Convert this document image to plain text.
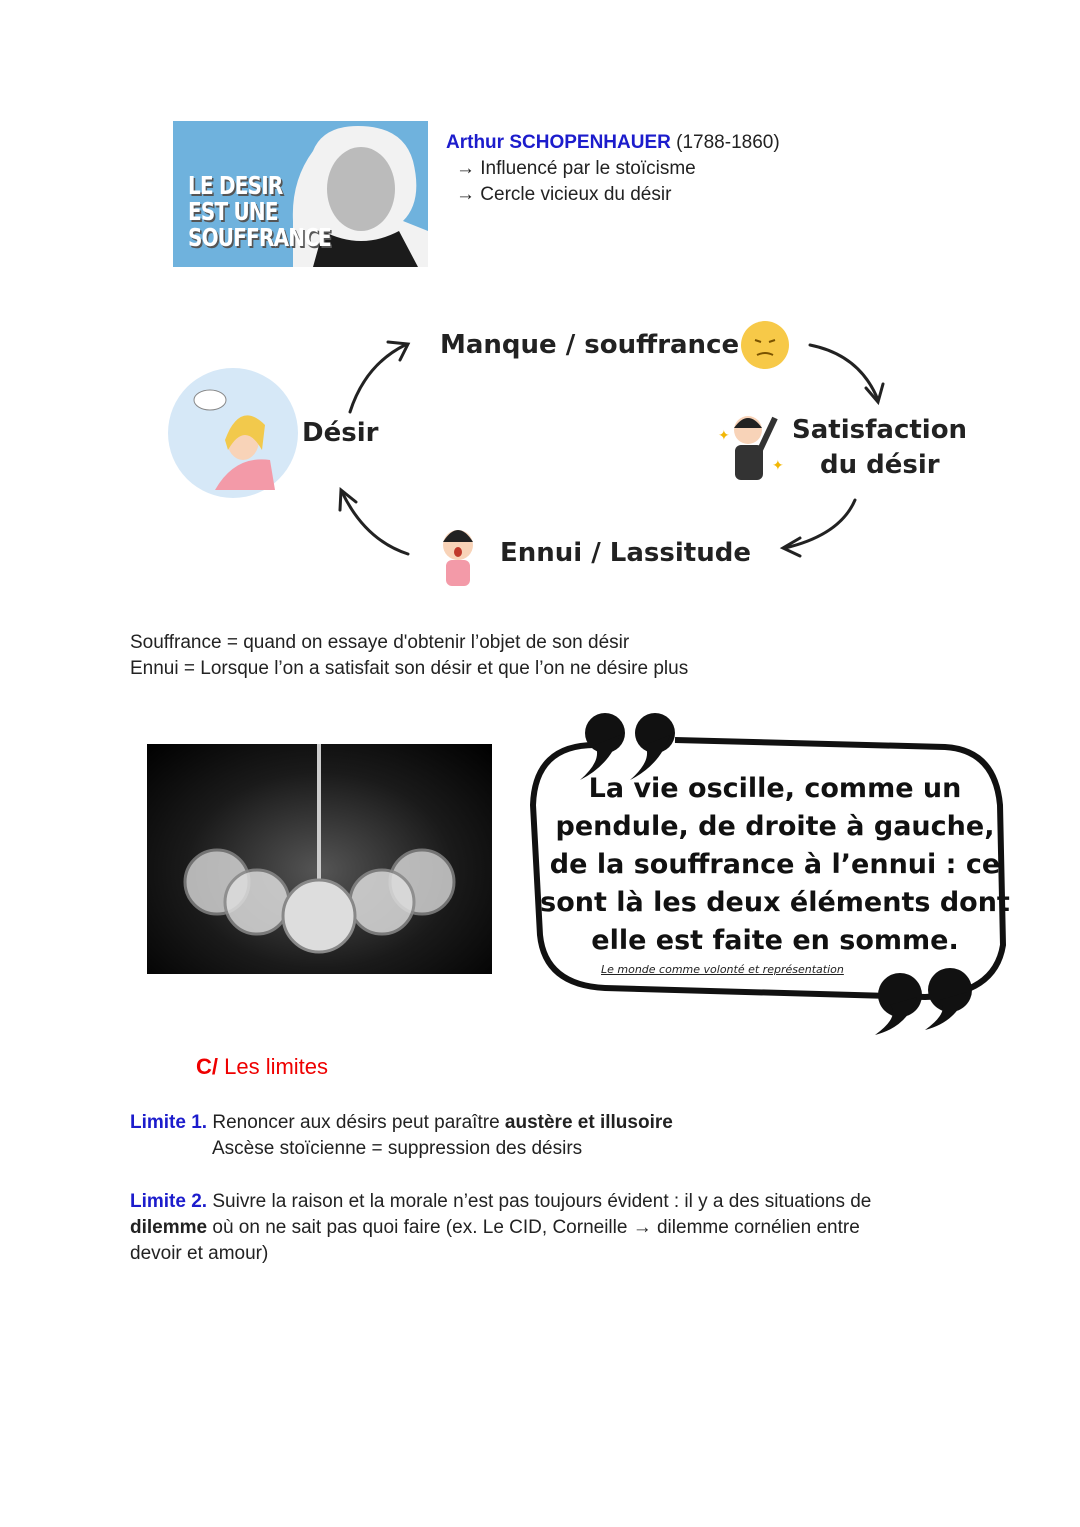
LE DESIR
EST UNE
SOUFFRANCE
Arthur SCHOPENHAUER (1788-1860)
→ Influencé par le stoïcisme
→ Cercle vicieux du désir
✦
✦
Manque / souffrance
Désir	Satisfaction
du désir
Ennui / Lassitude
Souffrance = quand on essaye d'obtenir l’objet de son désir
Ennui = Lorsque l’on a satisfait son désir et que l’on ne désire plus
La vie oscille, comme un
pendule, de droite à gauche,
de la souffrance à l’ennui : ce
sont là les deux éléments dont
elle est faite en somme.
Le monde comme volonté et représentation
C/ Les limites
Limite 1. Renoncer aux désirs peut paraître austère et illusoire
Ascèse stoïcienne = suppression des désirs
Limite 2. Suivre la raison et la morale n’est pas toujours évident : il y a des situations de
dilemme où on ne sait pas quoi faire (ex. Le CID, Corneille → dilemme cornélien entre
devoir et amour)
